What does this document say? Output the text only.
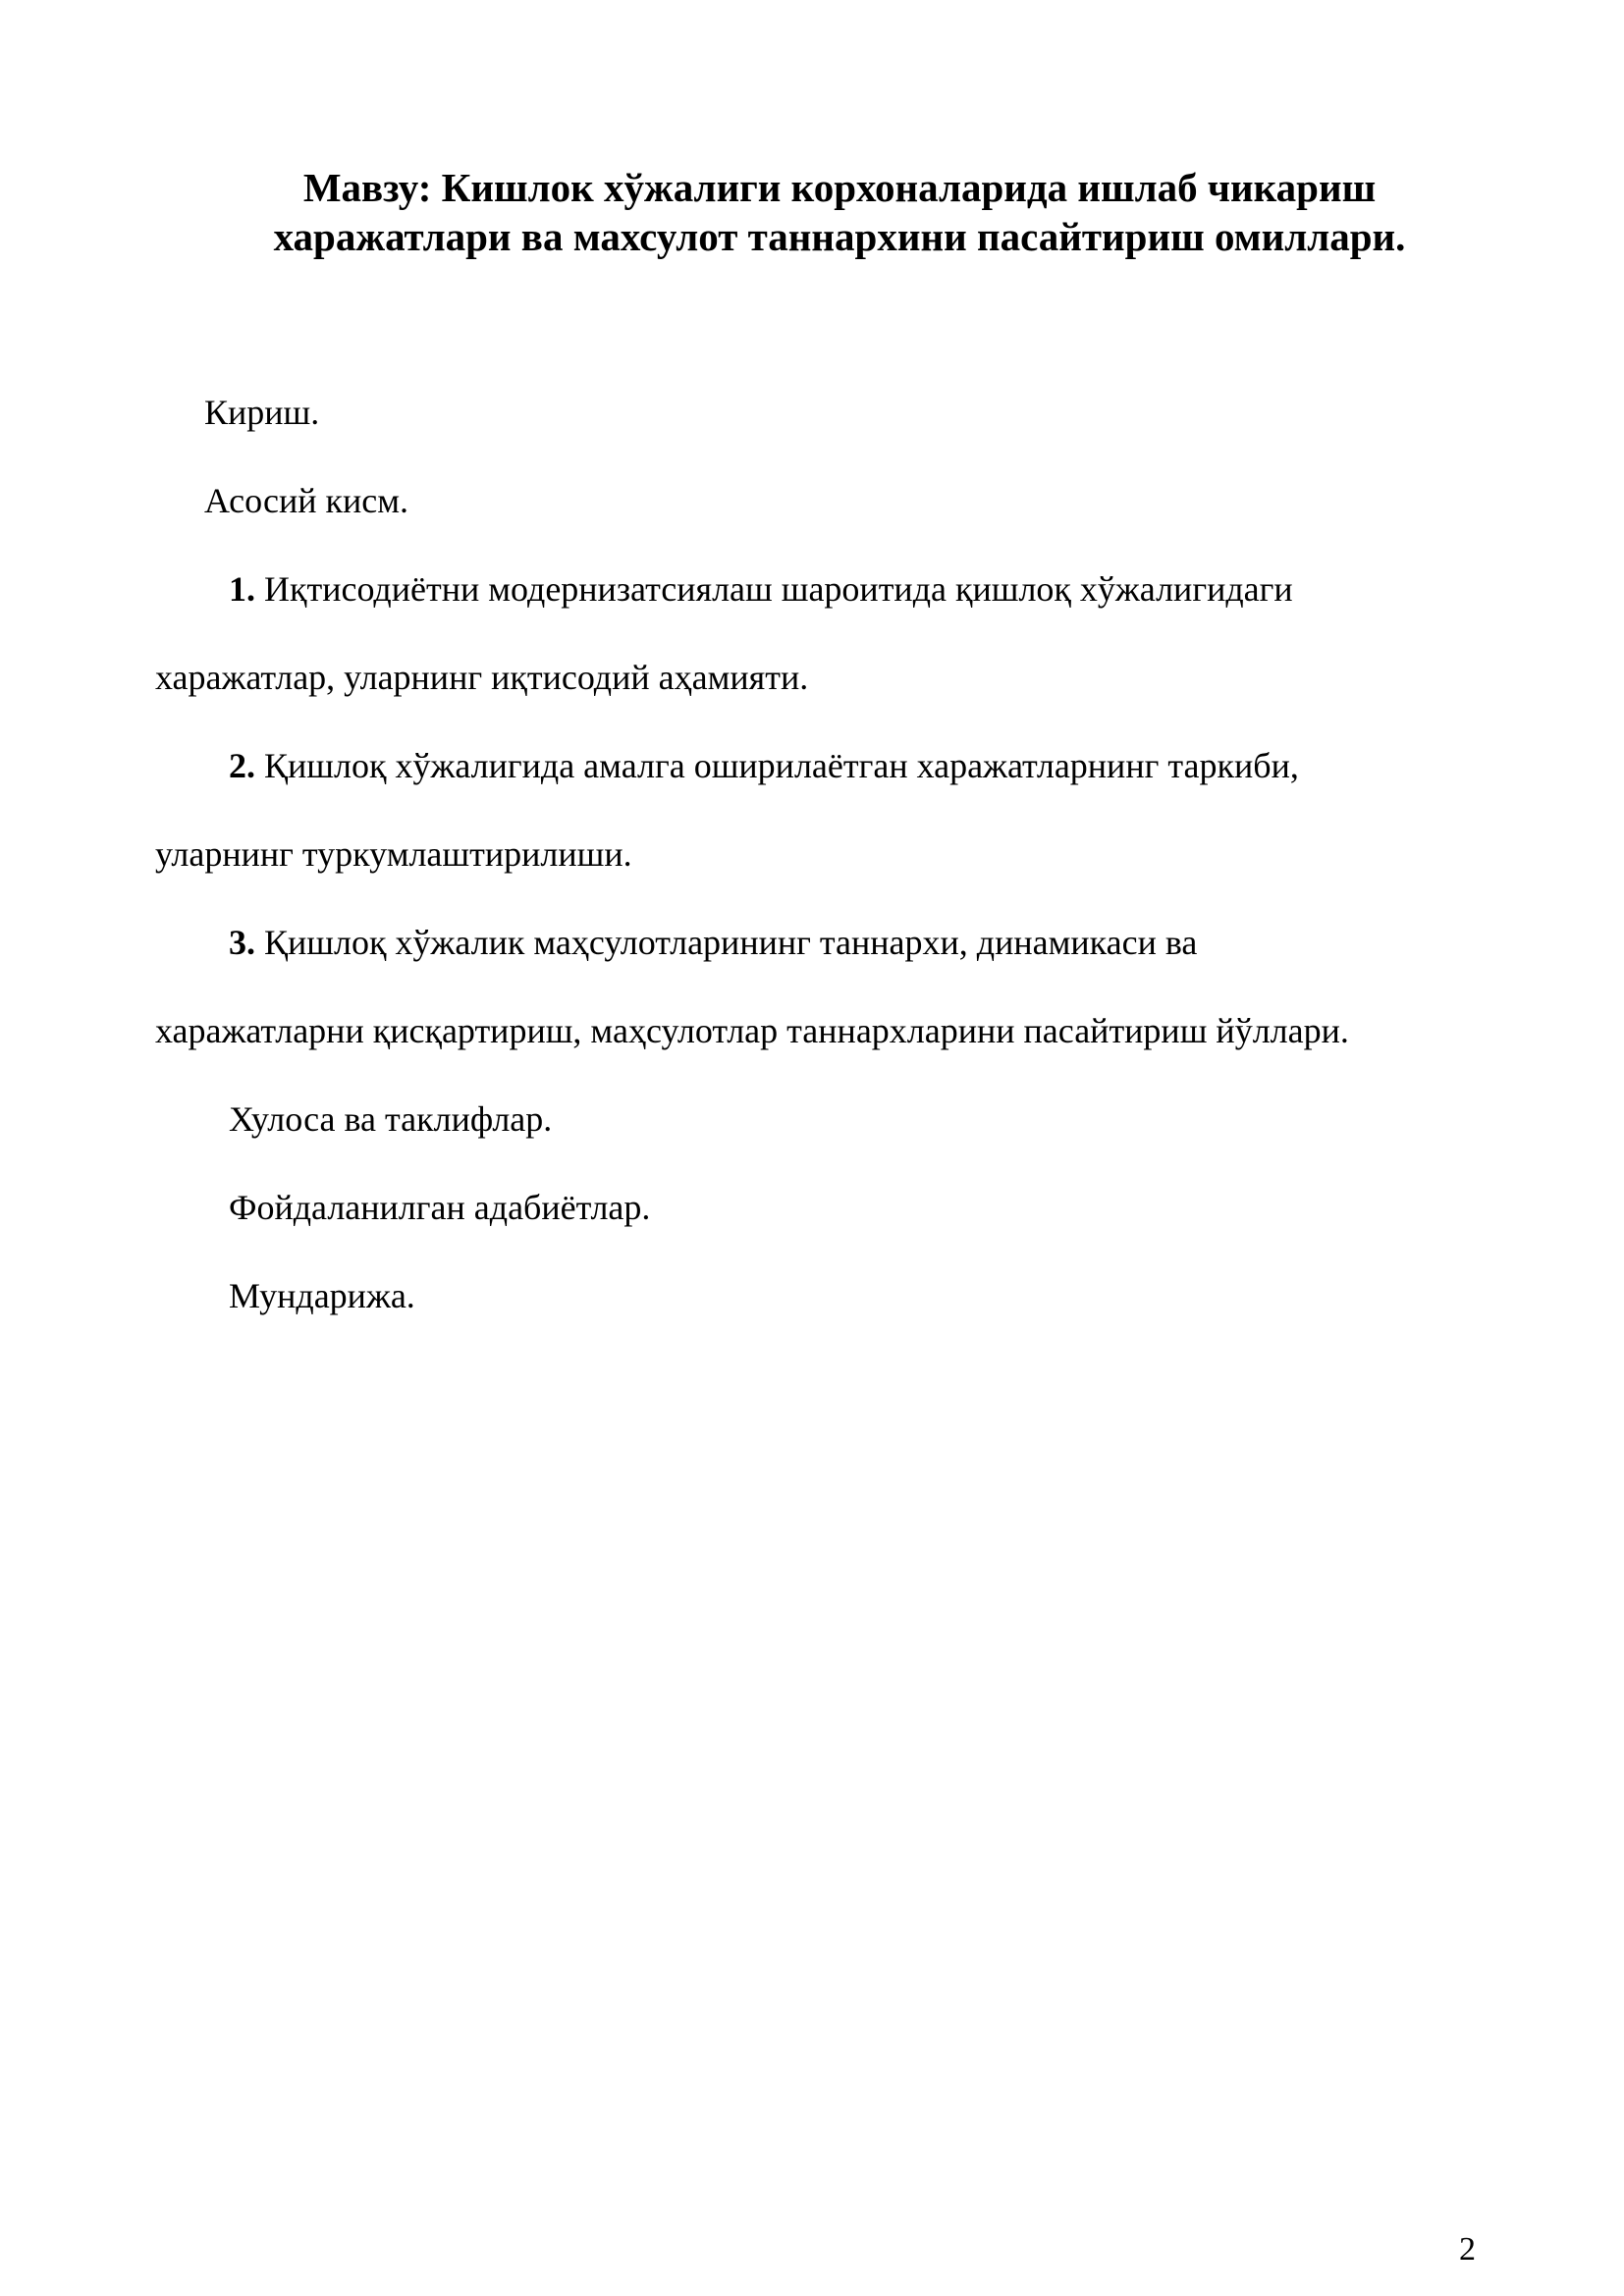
Мавзу: Кишлок хўжалиги корхоналарида ишлаб чикариш
харажатлари ва махсулот таннархини пасайтириш омиллари.

Кириш.

Асосий кисм.

1. Иқтисодиётни модернизатсиялаш шароитида қишлоқ хўжалигидаги

харажатлар, уларнинг иқтисодий аҳамияти.

2. Қишлоқ хўжалигида амалга оширилаётган харажатларнинг таркиби,

уларнинг туркумлаштирилиши.

3. Қишлоқ хўжалик маҳсулотларининг таннархи, динамикаси ва

харажатларни қисқартириш, маҳсулотлар таннархларини пасайтириш йўллари.

Хулоса ва таклифлар.

Фойдаланилган адабиётлар.

Мундарижа.

2
